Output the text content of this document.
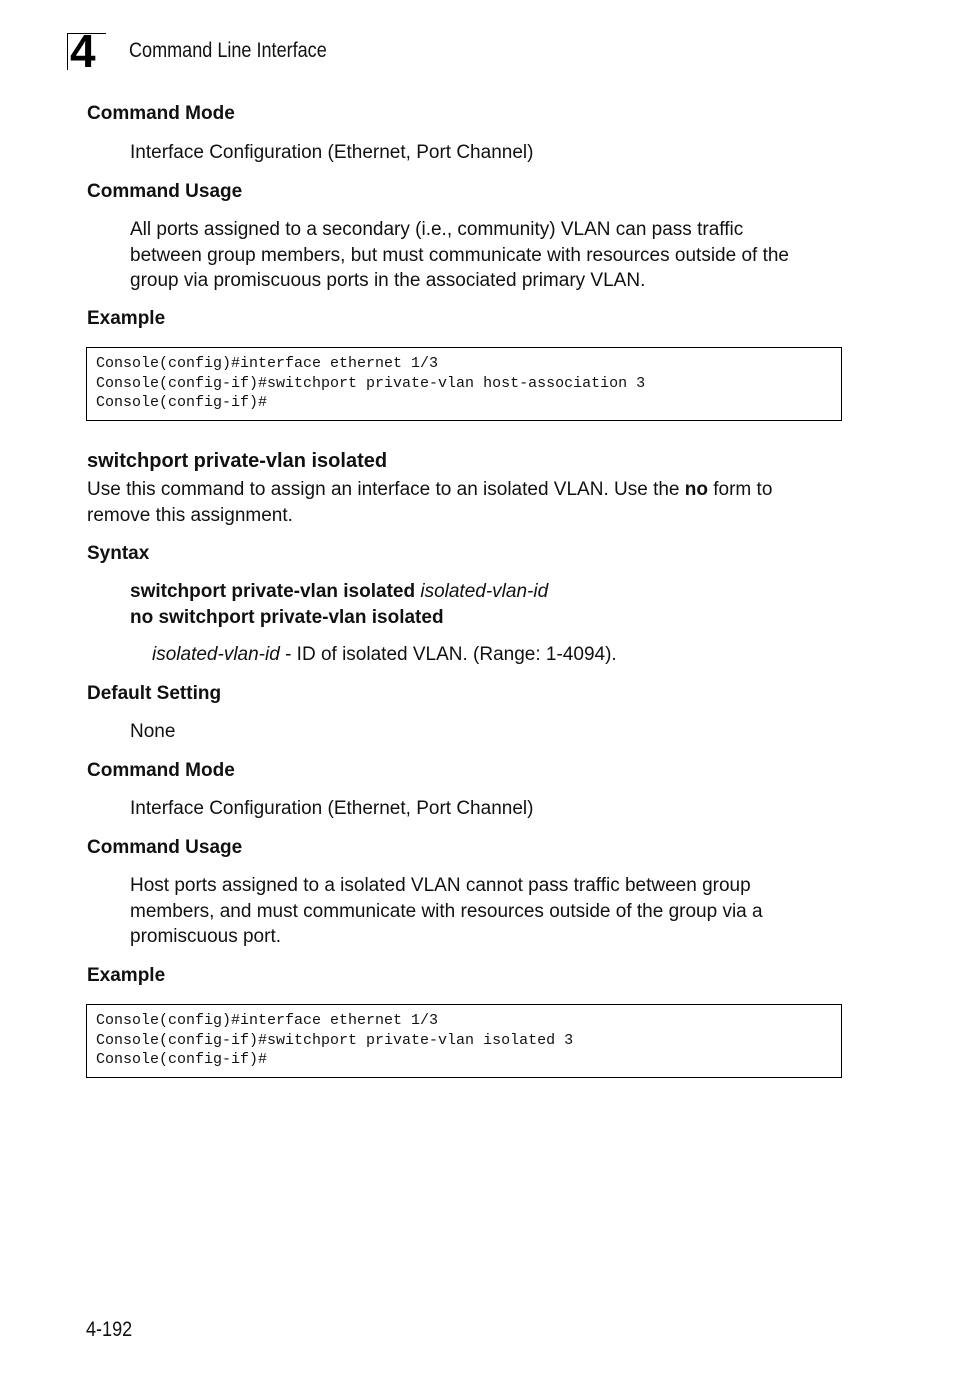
4 Command Line Interface
Command Mode
Interface Configuration (Ethernet, Port Channel)
Command Usage
All ports assigned to a secondary (i.e., community) VLAN can pass traffic
between group members, but must communicate with resources outside of the
group via promiscuous ports in the associated primary VLAN.
Example

Console(config)#interface ethernet 1/3

Console(config-if)#switchport private-vlan host-association 3

Console(config-if)#

switchport private-vlan isolated
Use this command to assign an interface to an isolated VLAN. Use the no form to
remove this assignment.
Syntax
switchport private-vlan isolated isolated-vlan-id
no switchport private-vlan isolated
isolated-vlan-id - ID of isolated VLAN. (Range: 1-4094).
Default Setting
None
Command Mode
Interface Configuration (Ethernet, Port Channel)
Command Usage
Host ports assigned to a isolated VLAN cannot pass traffic between group
members, and must communicate with resources outside of the group via a
promiscuous port.
Example

Console(config)#interface ethernet 1/3

Console(config-if)#switchport private-vlan isolated 3

Console(config-if)#

4-192
